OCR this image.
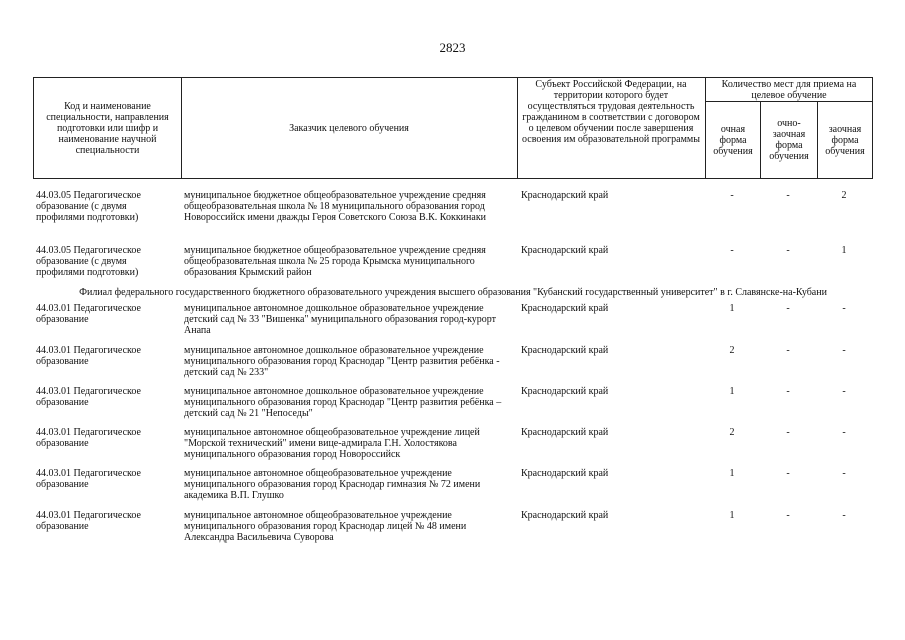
2823
Код и наименование специальности, направления подготовки или шифр и наименование научной специальности
Заказчик целевого обучения
Субъект Российской Федерации, на территории которого будет осуществляться трудовая деятельность гражданином в соответствии с договором о целевом обучении после завершения освоения им образовательной программы
Количество мест для приема на целевое обучение
очная форма обучения
очно-заочная форма обучения
заочная форма обучения
44.03.05 Педагогическое образование (с двумя профилями подготовки)
муниципальное бюджетное общеобразовательное учреждение средняя общеобразовательная школа № 18 муниципального образования город Новороссийск имени дважды Героя Советского Союза В.К. Коккинаки
Краснодарский край	-	-	2
44.03.05 Педагогическое образование (с двумя профилями подготовки)
муниципальное бюджетное общеобразовательное учреждение средняя общеобразовательная школа № 25 города Крымска муниципального образования Крымский район
Краснодарский край	-	-	1
Филиал федерального государственного бюджетного образовательного учреждения высшего образования "Кубанский государственный университет" в г. Славянске-на-Кубани
44.03.01 Педагогическое образование
муниципальное автономное дошкольное образовательное учреждение детский сад № 33 "Вишенка" муниципального образования город-курорт Анапа
Краснодарский край	1	-	-
44.03.01 Педагогическое образование
муниципальное автономное дошкольное образовательное учреждение муниципального образования город Краснодар "Центр развития ребёнка - детский сад № 233"
Краснодарский край	2	-	-
44.03.01 Педагогическое образование
муниципальное автономное дошкольное образовательное учреждение муниципального образования город Краснодар "Центр развития ребёнка – детский сад № 21 "Непоседы"
Краснодарский край	1	-	-
44.03.01 Педагогическое образование
муниципальное автономное общеобразовательное учреждение лицей "Морской технический" имени вице-адмирала Г.Н. Холостякова муниципального образования город Новороссийск
Краснодарский край	2	-	-
44.03.01 Педагогическое образование
муниципальное автономное общеобразовательное учреждение муниципального образования город Краснодар гимназия № 72 имени академика В.П. Глушко
Краснодарский край	1	-	-
44.03.01 Педагогическое образование
муниципальное автономное общеобразовательное учреждение муниципального образования город Краснодар лицей № 48 имени Александра Васильевича Суворова
Краснодарский край	1	-	-
